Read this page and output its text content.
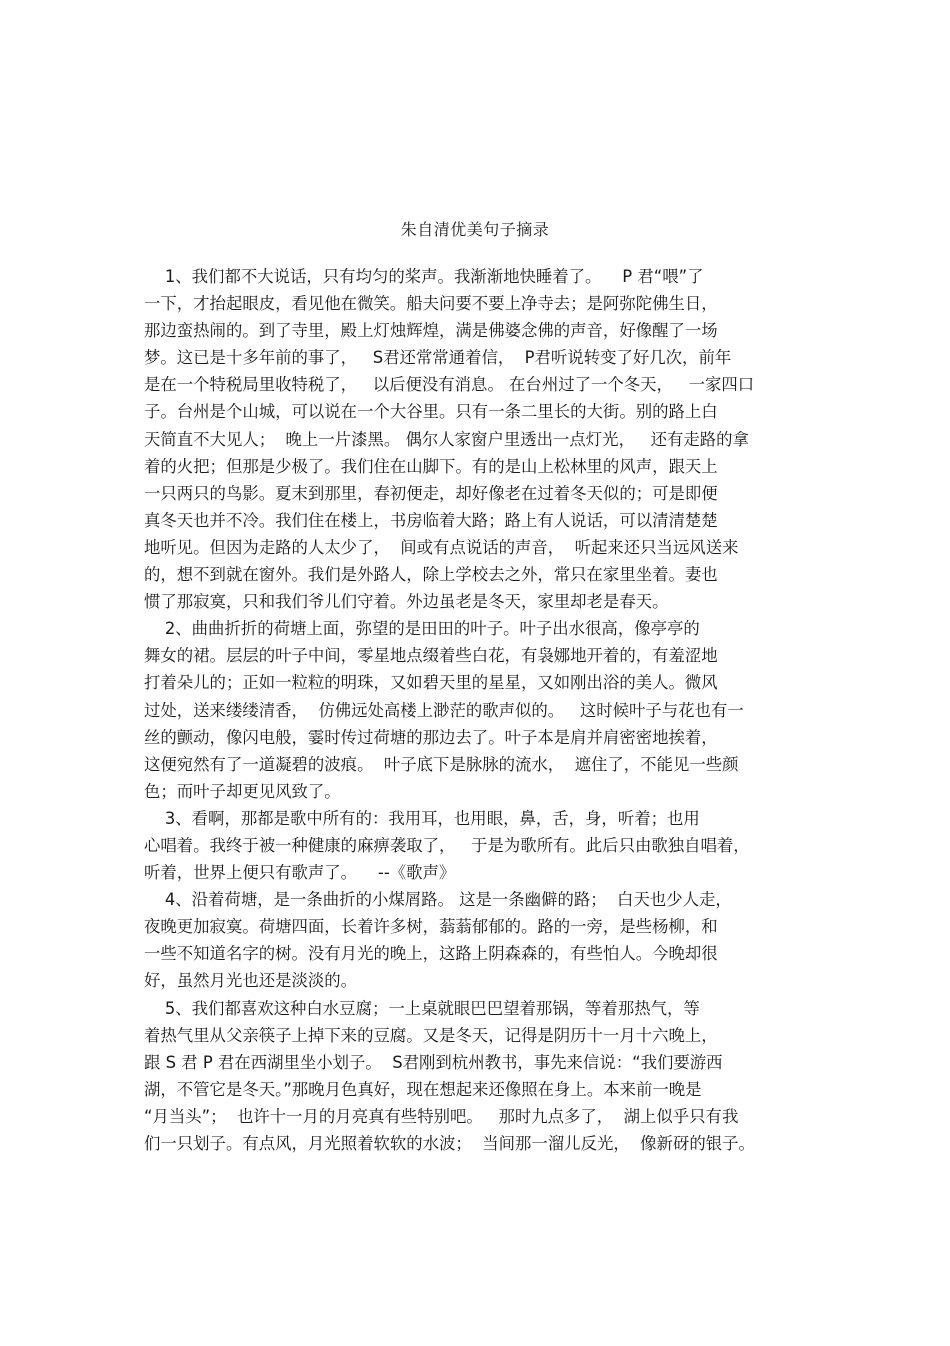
朱自清优美句子摘录
1、我们都不大说话，只有均匀的桨声。我渐渐地快睡着了。    P 君“喂”了
一下，才抬起眼皮，看见他在微笑。船夫问要不要上净寺去；是阿弥陀佛生日，
那边蛮热闹的。到了寺里，殿上灯烛辉煌，满是佛婆念佛的声音，好像醒了一场
梦。这已是十多年前的事了，   S君还常常通着信，  P君听说转变了好几次，前年
是在一个特税局里收特税了，   以后便没有消息。 在台州过了一个冬天，   一家四口
子。台州是个山城，可以说在一个大谷里。只有一条二里长的大街。别的路上白
天简直不大见人；  晚上一片漆黑。 偶尔人家窗户里透出一点灯光，   还有走路的拿
着的火把；但那是少极了。我们住在山脚下。有的是山上松林里的风声，跟天上
一只两只的鸟影。夏末到那里，春初便走，却好像老在过着冬天似的；可是即便
真冬天也并不冷。我们住在楼上，书房临着大路；路上有人说话，可以清清楚楚
地听见。但因为走路的人太少了，  间或有点说话的声音，  听起来还只当远风送来
的，想不到就在窗外。我们是外路人，除上学校去之外，常只在家里坐着。妻也
惯了那寂寞，只和我们爷儿们守着。外边虽老是冬天，家里却老是春天。
2、曲曲折折的荷塘上面，弥望的是田田的叶子。叶子出水很高，像亭亭的
舞女的裙。层层的叶子中间，零星地点缀着些白花，有袅娜地开着的，有羞涩地
打着朵儿的；正如一粒粒的明珠，又如碧天里的星星，又如刚出浴的美人。微风
过处，送来缕缕清香，  仿佛远处高楼上渺茫的歌声似的。   这时候叶子与花也有一
丝的颤动，像闪电般，霎时传过荷塘的那边去了。叶子本是肩并肩密密地挨着，
这便宛然有了一道凝碧的波痕。  叶子底下是脉脉的流水，  遮住了，不能见一些颜
色；而叶子却更见风致了。
3、看啊，那都是歌中所有的：我用耳，也用眼，鼻，舌，身，听着；也用
心唱着。我终于被一种健康的麻痹袭取了，   于是为歌所有。此后只由歌独自唱着，
听着，世界上便只有歌声了。    --《歌声》
4、沿着荷塘，是一条曲折的小煤屑路。 这是一条幽僻的路；  白天也少人走，
夜晚更加寂寞。荷塘四面，长着许多树，蓊蓊郁郁的。路的一旁，是些杨柳，和
一些不知道名字的树。没有月光的晚上，这路上阴森森的，有些怕人。今晚却很
好，虽然月光也还是淡淡的。
5、我们都喜欢这种白水豆腐；一上桌就眼巴巴望着那锅，等着那热气，等
着热气里从父亲筷子上掉下来的豆腐。又是冬天，记得是阴历十一月十六晚上，
跟 S 君 P 君在西湖里坐小划子。  S君刚到杭州教书，事先来信说：“我们要游西
湖，不管它是冬天。”那晚月色真好，现在想起来还像照在身上。本来前一晚是
“月当头”；  也许十一月的月亮真有些特别吧。   那时九点多了，  湖上似乎只有我
们一只划子。有点风，月光照着软软的水波；  当间那一溜儿反光，  像新砑的银子。
